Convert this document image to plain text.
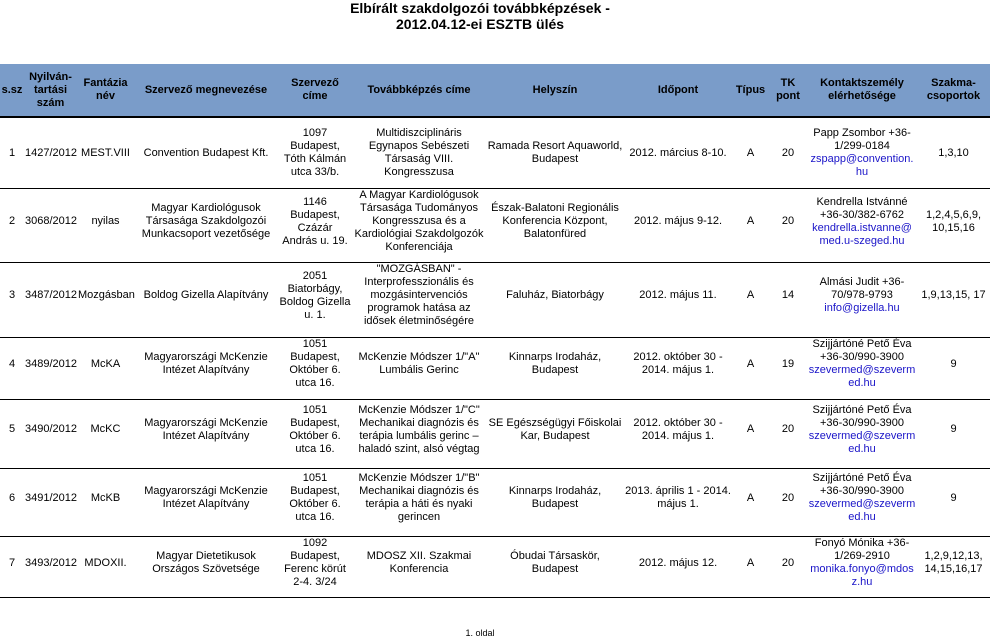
Elbírált szakdolgozói továbbképzések -
2012.04.12-ei ESZTB ülés
s.sz	Nyilván-tartási szám	Fantázia név	Szervező megnevezése	Szervező címe	Továbbképzés címe	Helyszín	Időpont	Típus	TK pont	Kontaktszemély elérhetősége	Szakma-csoportok

1	1427/2012	MEST.VIII	Convention Budapest Kft.	1097 Budapest, Tóth Kálmán utca 33/b.	Multidiszciplináris Egynapos Sebészeti Társaság VIII. Kongresszusa	Ramada Resort Aquaworld, Budapest	2012. március 8-10.	A	20	Papp Zsombor +36-1/299-0184
zspapp@convention.hu	1,3,10

2	3068/2012	nyilas	Magyar Kardiológusok Társasága Szakdolgozói Munkacsoport vezetősége	1146 Budapest, Czázár András u. 19.	A Magyar Kardiológusok Társasága Tudományos Kongresszusa és a Kardiológiai Szakdolgozók Konferenciája	Észak-Balatoni Regionális Konferencia Központ, Balatonfüred	2012. május 9-12.	A	20	Kendrella Istvánné +36-30/382-6762
kendrella.istvanne@med.u-szeged.hu	1,2,4,5,6,9, 10,15,16

3	3487/2012	Mozgásban	Boldog Gizella Alapítvány	2051 Biatorbágy, Boldog Gizella u. 1.	"MOZGÁSBAN" - Interprofesszionális és mozgásintervenciós programok hatása az idősek életminőségére	Faluház, Biatorbágy	2012. május 11.	A	14	Almási Judit +36-70/978-9793
info@gizella.hu	1,9,13,15, 17

4	3489/2012	McKA	Magyarországi McKenzie Intézet Alapítvány	1051 Budapest, Október 6. utca 16.	McKenzie Módszer 1/"A" Lumbális Gerinc	Kinnarps Irodaház, Budapest	2012. október 30 - 2014. május 1.	A	19	Szijjártóné Pető Éva +36-30/990-3900
szevermed@szevermed.hu	9

5	3490/2012	McKC	Magyarországi McKenzie Intézet Alapítvány	1051 Budapest, Október 6. utca 16.	McKenzie Módszer 1/"C" Mechanikai diagnózis és terápia lumbális gerinc – haladó szint, alsó végtag	SE Egészségügyi Főiskolai Kar, Budapest	2012. október 30 - 2014. május 1.	A	20	Szijjártóné Pető Éva +36-30/990-3900
szevermed@szevermed.hu	9

6	3491/2012	McKB	Magyarországi McKenzie Intézet Alapítvány	1051 Budapest, Október 6. utca 16.	McKenzie Módszer 1/"B" Mechanikai diagnózis és terápia a háti és nyaki gerincen	Kinnarps Irodaház, Budapest	2013. április 1 - 2014. május 1.	A	20	Szijjártóné Pető Éva +36-30/990-3900
szevermed@szevermed.hu	9

7	3493/2012	MDOXII.	Magyar Dietetikusok Országos Szövetsége	1092 Budapest, Ferenc körút 2-4. 3/24	MDOSZ XII. Szakmai Konferencia	Óbudai Társaskör, Budapest	2012. május 12.	A	20	Fonyó Mónika +36-1/269-2910
monika.fonyo@mdosz.hu	1,2,9,12,13, 14,15,16,17

1. oldal
